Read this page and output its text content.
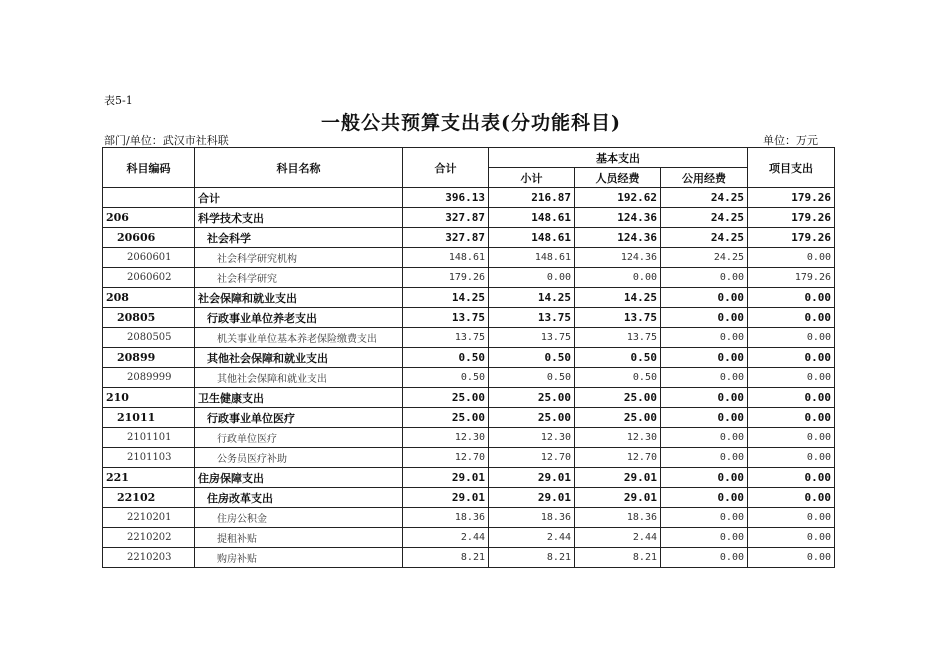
表5-1
一般公共预算支出表(分功能科目)
部门/单位：武汉市社科联	单位：万元
科目编码	科目名称	合计	基本支出			项目支出
			小计	人员经费	公用经费	
	合计	396.13	216.87	192.62	24.25	179.26
206	科学技术支出	327.87	148.61	124.36	24.25	179.26
20606	社会科学	327.87	148.61	124.36	24.25	179.26
2060601	社会科学研究机构	148.61	148.61	124.36	24.25	0.00
2060602	社会科学研究	179.26	0.00	0.00	0.00	179.26
208	社会保障和就业支出	14.25	14.25	14.25	0.00	0.00
20805	行政事业单位养老支出	13.75	13.75	13.75	0.00	0.00
2080505	机关事业单位基本养老保险缴费支出	13.75	13.75	13.75	0.00	0.00
20899	其他社会保障和就业支出	0.50	0.50	0.50	0.00	0.00
2089999	其他社会保障和就业支出	0.50	0.50	0.50	0.00	0.00
210	卫生健康支出	25.00	25.00	25.00	0.00	0.00
21011	行政事业单位医疗	25.00	25.00	25.00	0.00	0.00
2101101	行政单位医疗	12.30	12.30	12.30	0.00	0.00
2101103	公务员医疗补助	12.70	12.70	12.70	0.00	0.00
221	住房保障支出	29.01	29.01	29.01	0.00	0.00
22102	住房改革支出	29.01	29.01	29.01	0.00	0.00
2210201	住房公积金	18.36	18.36	18.36	0.00	0.00
2210202	提租补贴	2.44	2.44	2.44	0.00	0.00
2210203	购房补贴	8.21	8.21	8.21	0.00	0.00
